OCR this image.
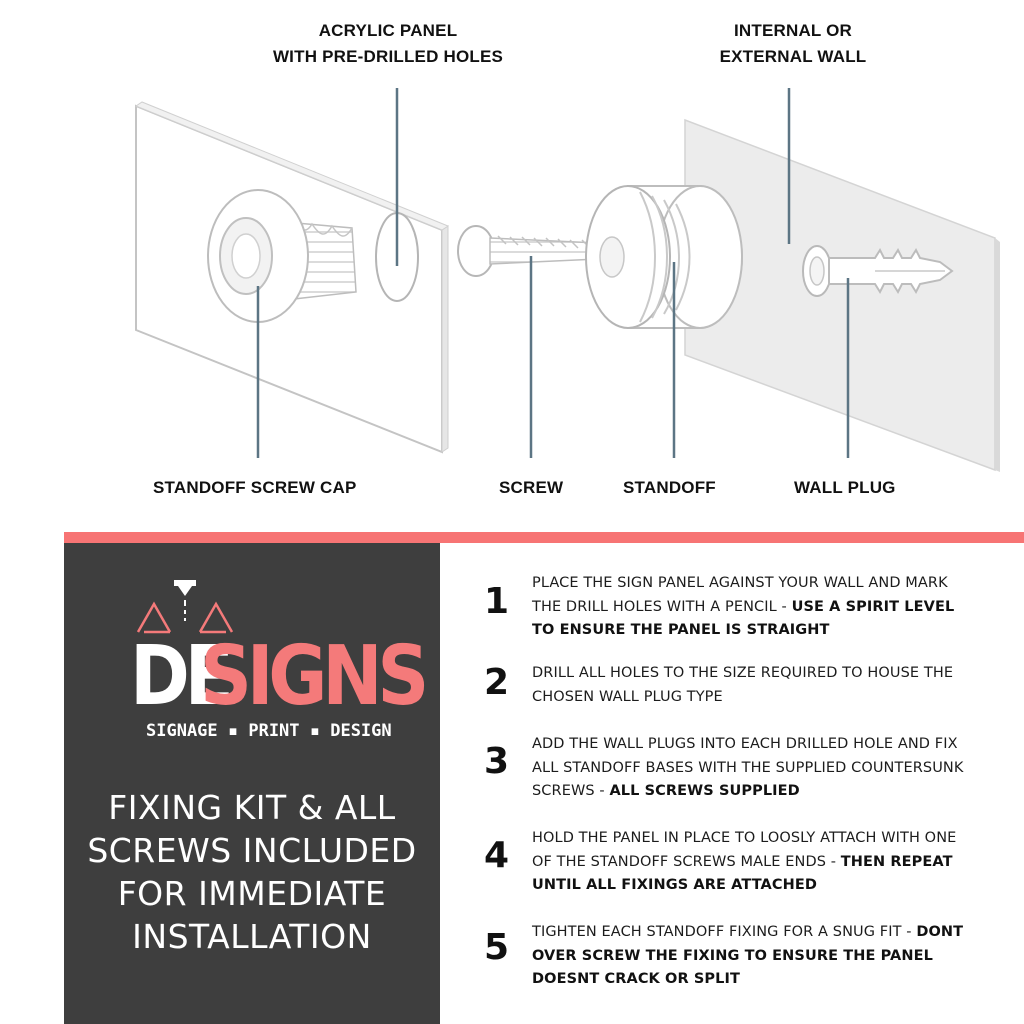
ACRYLIC PANEL
WITH PRE-DRILLED HOLES
INTERNAL OR
EXTERNAL WALL
STANDOFF SCREW CAP	SCREW	STANDOFF	WALL PLUG
DE
SIGNS
SIGNAGE ▪ PRINT ▪ DESIGN
FIXING KIT & ALL
SCREWS INCLUDED
FOR IMMEDIATE
INSTALLATION
1 PLACE THE SIGN PANEL AGAINST YOUR WALL AND MARK THE DRILL HOLES WITH A PENCIL - USE A SPIRIT LEVEL TO ENSURE THE PANEL IS STRAIGHT
2 DRILL ALL HOLES TO THE SIZE REQUIRED TO HOUSE THE CHOSEN WALL PLUG TYPE
3 ADD THE WALL PLUGS INTO EACH DRILLED HOLE AND FIX ALL STANDOFF BASES WITH THE SUPPLIED COUNTERSUNK SCREWS - ALL SCREWS SUPPLIED
4 HOLD THE PANEL IN PLACE TO LOOSLY ATTACH WITH ONE OF THE STANDOFF SCREWS MALE ENDS - THEN REPEAT UNTIL ALL FIXINGS ARE ATTACHED
5 TIGHTEN EACH STANDOFF FIXING FOR A SNUG FIT - DONT OVER SCREW THE FIXING TO ENSURE THE PANEL DOESNT CRACK OR SPLIT
